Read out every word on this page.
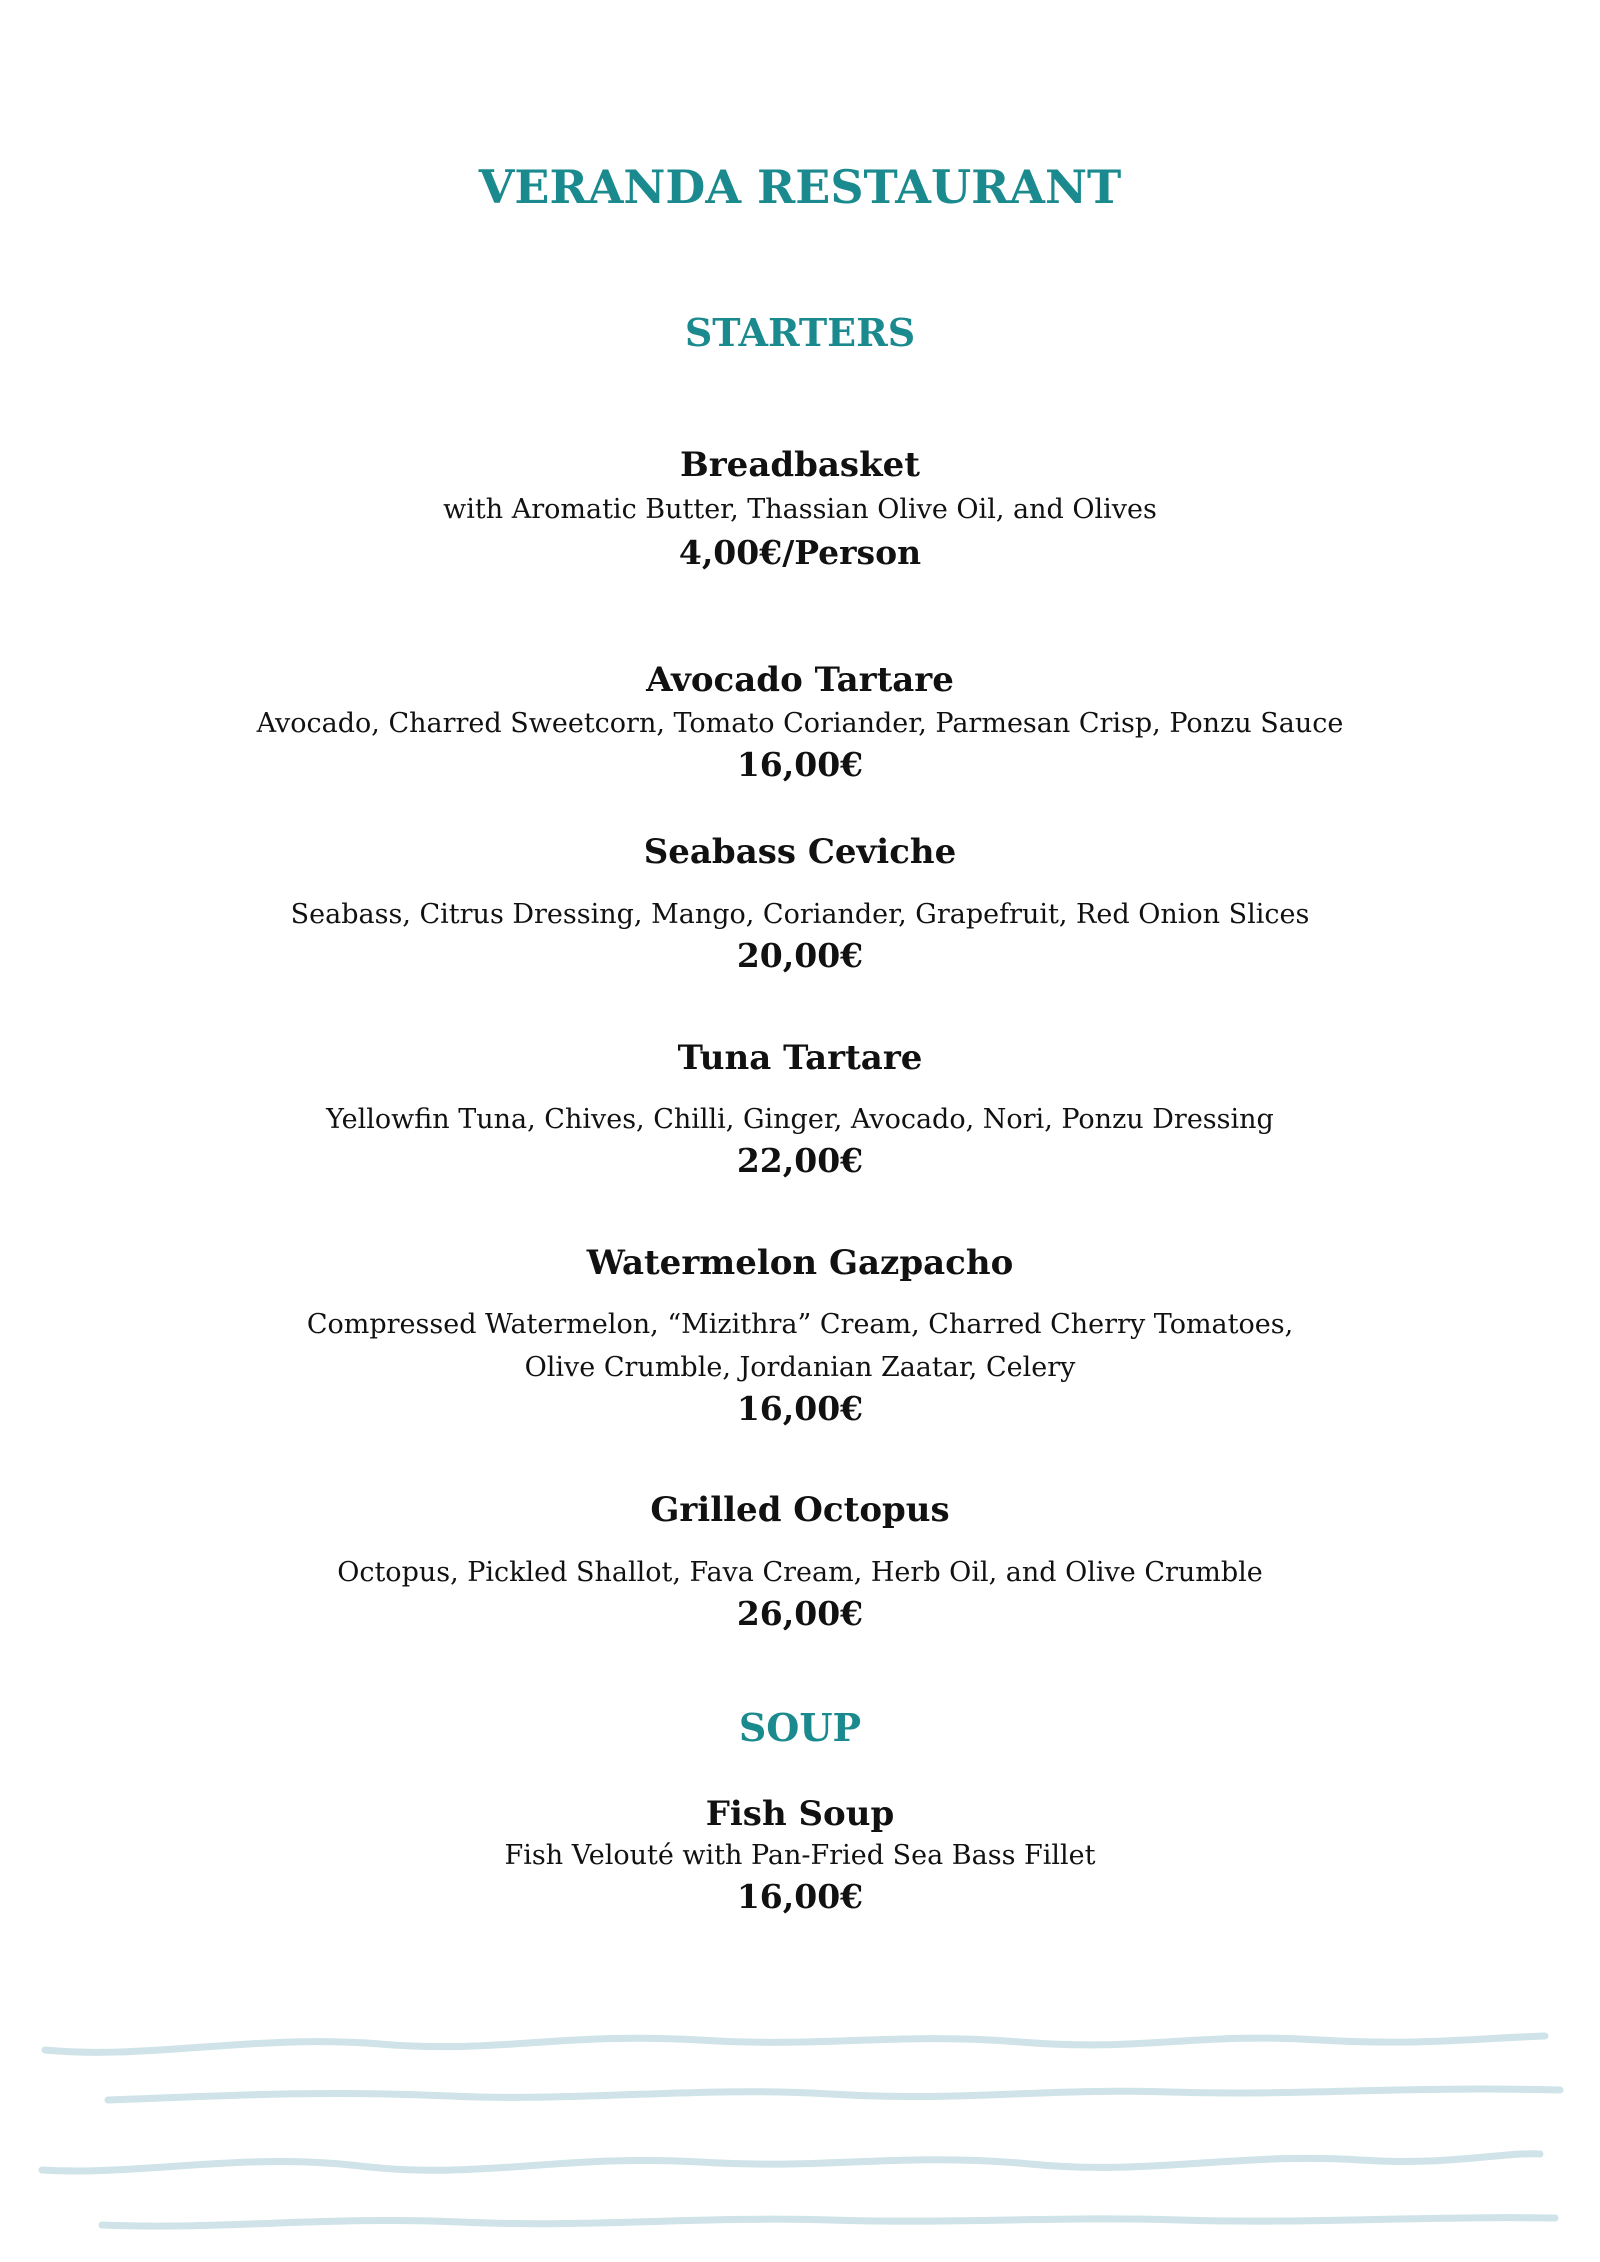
VERANDA RESTAURANT
STARTERS
Breadbasket
with Aromatic Butter, Thassian Olive Oil, and Olives
4,00€/Person
Avocado Tartare
Avocado, Charred Sweetcorn, Tomato Coriander, Parmesan Crisp, Ponzu Sauce
16,00€
Seabass Ceviche
Seabass, Citrus Dressing, Mango, Coriander, Grapefruit, Red Onion Slices
20,00€
Tuna Tartare
Yellowfin Tuna, Chives, Chilli, Ginger, Avocado, Nori, Ponzu Dressing
22,00€
Watermelon Gazpacho
Compressed Watermelon, “Mizithra” Cream, Charred Cherry Tomatoes,
Olive Crumble, Jordanian Zaatar, Celery
16,00€
Grilled Octopus
Octopus, Pickled Shallot, Fava Cream, Herb Oil, and Olive Crumble
26,00€
SOUP
Fish Soup
Fish Velouté with Pan-Fried Sea Bass Fillet
16,00€
